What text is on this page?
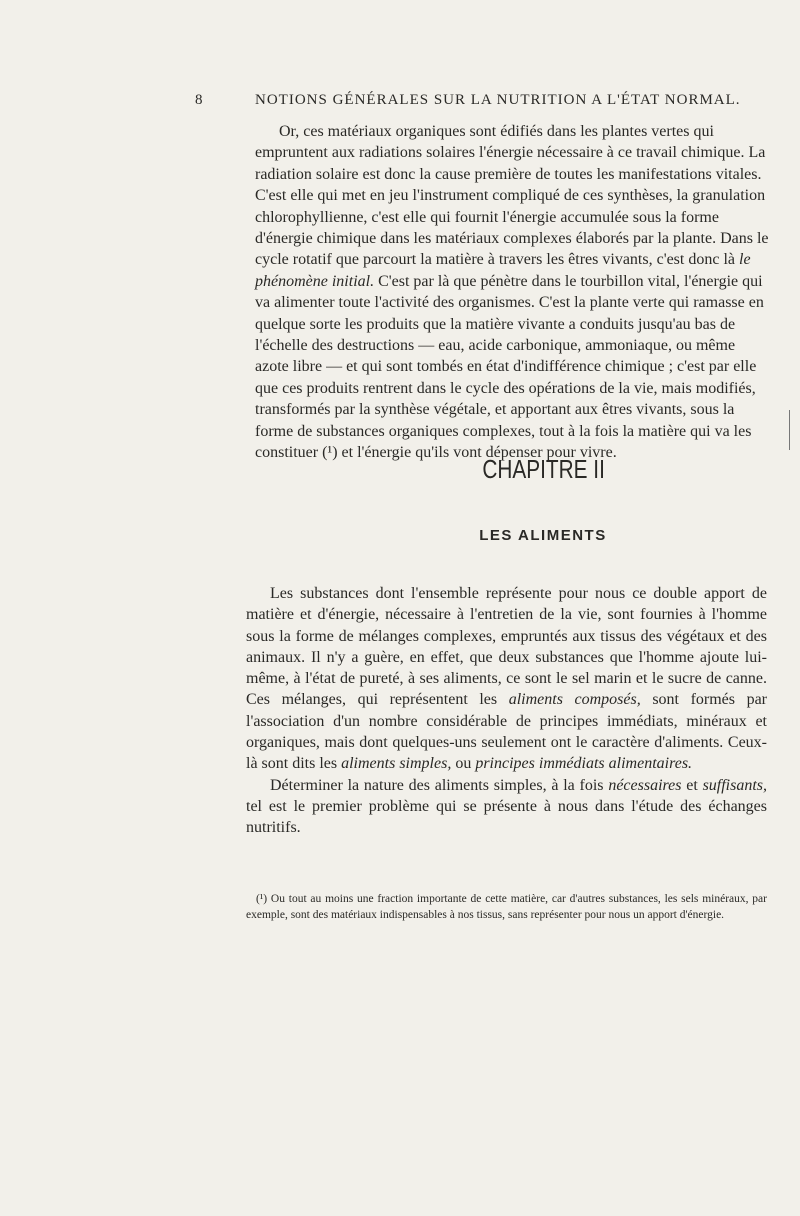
8	NOTIONS GÉNÉRALES SUR LA NUTRITION A L'ÉTAT NORMAL.

Or, ces matériaux organiques sont édifiés dans les plantes vertes qui empruntent aux radiations solaires l'énergie nécessaire à ce travail chimique. La radiation solaire est donc la cause première de toutes les manifestations vitales. C'est elle qui met en jeu l'instrument compliqué de ces synthèses, la granulation chlorophyllienne, c'est elle qui fournit l'énergie accumulée sous la forme d'énergie chimique dans les matériaux complexes élaborés par la plante. Dans le cycle rotatif que parcourt la matière à travers les êtres vivants, c'est donc là le phénomène initial. C'est par là que pénètre dans le tourbillon vital, l'énergie qui va alimenter toute l'activité des organismes. C'est la plante verte qui ramasse en quelque sorte les produits que la matière vivante a conduits jusqu'au bas de l'échelle des destructions — eau, acide carbonique, ammoniaque, ou même azote libre — et qui sont tombés en état d'indifférence chimique ; c'est par elle que ces produits rentrent dans le cycle des opérations de la vie, mais modifiés, transformés par la synthèse végétale, et apportant aux êtres vivants, sous la forme de substances organiques complexes, tout à la fois la matière qui va les constituer (¹) et l'énergie qu'ils vont dépenser pour vivre.

CHAPITRE II
LES ALIMENTS

Les substances dont l'ensemble représente pour nous ce double apport de matière et d'énergie, nécessaire à l'entretien de la vie, sont fournies à l'homme sous la forme de mélanges complexes, empruntés aux tissus des végétaux et des animaux. Il n'y a guère, en effet, que deux substances que l'homme ajoute lui-même, à l'état de pureté, à ses aliments, ce sont le sel marin et le sucre de canne. Ces mélanges, qui représentent les aliments composés, sont formés par l'association d'un nombre considérable de principes immédiats, minéraux et organiques, mais dont quelques-uns seulement ont le caractère d'aliments. Ceux-là sont dits les aliments simples, ou principes immédiats alimentaires.

Déterminer la nature des aliments simples, à la fois nécessaires et suffisants, tel est le premier problème qui se présente à nous dans l'étude des échanges nutritifs.

(¹) Ou tout au moins une fraction importante de cette matière, car d'autres substances, les sels minéraux, par exemple, sont des matériaux indispensables à nos tissus, sans représenter pour nous un apport d'énergie.
